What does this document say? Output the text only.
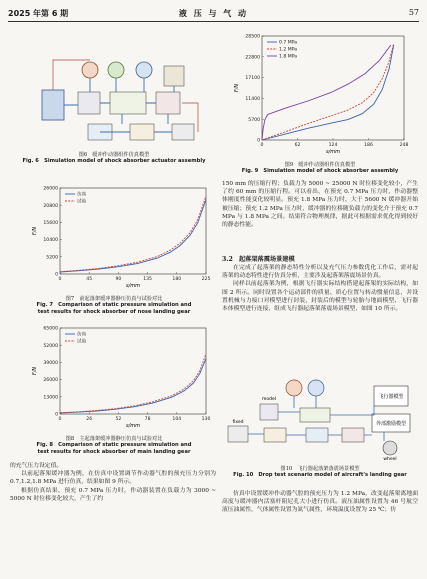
2025 年第 6 期	液 压 与 气 动	57
图6　缓冲作动器组件仿真模型
Fig. 6　Simulation model of shock absorber actuator assembly
26000
20800
15600
10400
5200
0
0	45	90	135	180	225
s/mm
F/N
仿真
试验
图7　前起落架缓冲器静压仿真与试验对比
Fig. 7　Comparison of static pressure simulation and
test results for shock absorber of nose landing gear
65000
52000
39000
26000
13000
0
0	26	52	78	104	130
s/mm
F/N
仿真
试验
图8　主起落架缓冲器静压仿真与试验对比
Fig. 8　Comparison of static pressure simulation and
test results for shock absorber of main landing gear
的充气压力设定值。

以前起落架缓冲器为例，在仿真中设置调节作动器气腔的预充压力分别为 0.7,1.2,1.8 MPa 进行仿真，结果如图 9 所示。

根据仿真结果，预充 0.7 MPa 压力时，作动器装置在负载力为 3000 ~ 5000 N 时位移变化较大，产生了约

28500
22800
17100
11400
5700
0
0	62	124	186	248
s/mm
F/N
0.7 MPa
1.2 MPa
1.8 MPa
图9　缓冲作动器组件仿真模型
Fig. 9　Simulation model of shock absorber assembly
150 mm 的压缩行程；负载力为 5000 ~ 25000 N 时位移变化较小，产生了约 60 mm 的压缩行程。可以看出，在预充 0.7 MPa 压力时，作动器整体刚度性能变化较明显。预充 1.8 MPa 压力时，大于 5600 N 缓冲器开始被压缩；预充 1.2 MPa 压力时，缓冲器的位移随负载力的变化介于预充 0.7 MPa 与 1.8 MPa 之间。结果符合物理规律，据此可根据需求优化得到较好的静态性能。
3.2　起落架落震场景建模

在完成了起落架的静态特性分析以及充气压力参数优化工作后，需对起落架的动态特性进行仿真分析，主要涉及起落架落震场景仿真。

同样以前起落架为例，根据飞行器实际结构搭建起落架的实际结构，如图 2 所示。同时设置各个运动部件的质量、质心位置与转动惯量信息，并设置机械与力接口对模型进行封装，封装后的模型与轮胎与地面模型、飞行器本体模型进行连接，组成飞行器起落架落震场景模型，如图 10 所示。

model
fixed
飞行器模型
外部激励模型
wheel
图10　飞行器起落架落震场景模型
Fig. 10　Drop test scenario model of aircraft's landing gear

仿真中设置缓冲作动器气腔的预充压力为 1.2 MPa，改变起落架离地面高度与缓冲器内活塞杆阻尼孔大小进行仿真。液压油属性设置为 46 号航空液压油属性，气体属性设置为氮气属性，环境温度设置为 25 ℃；仿
